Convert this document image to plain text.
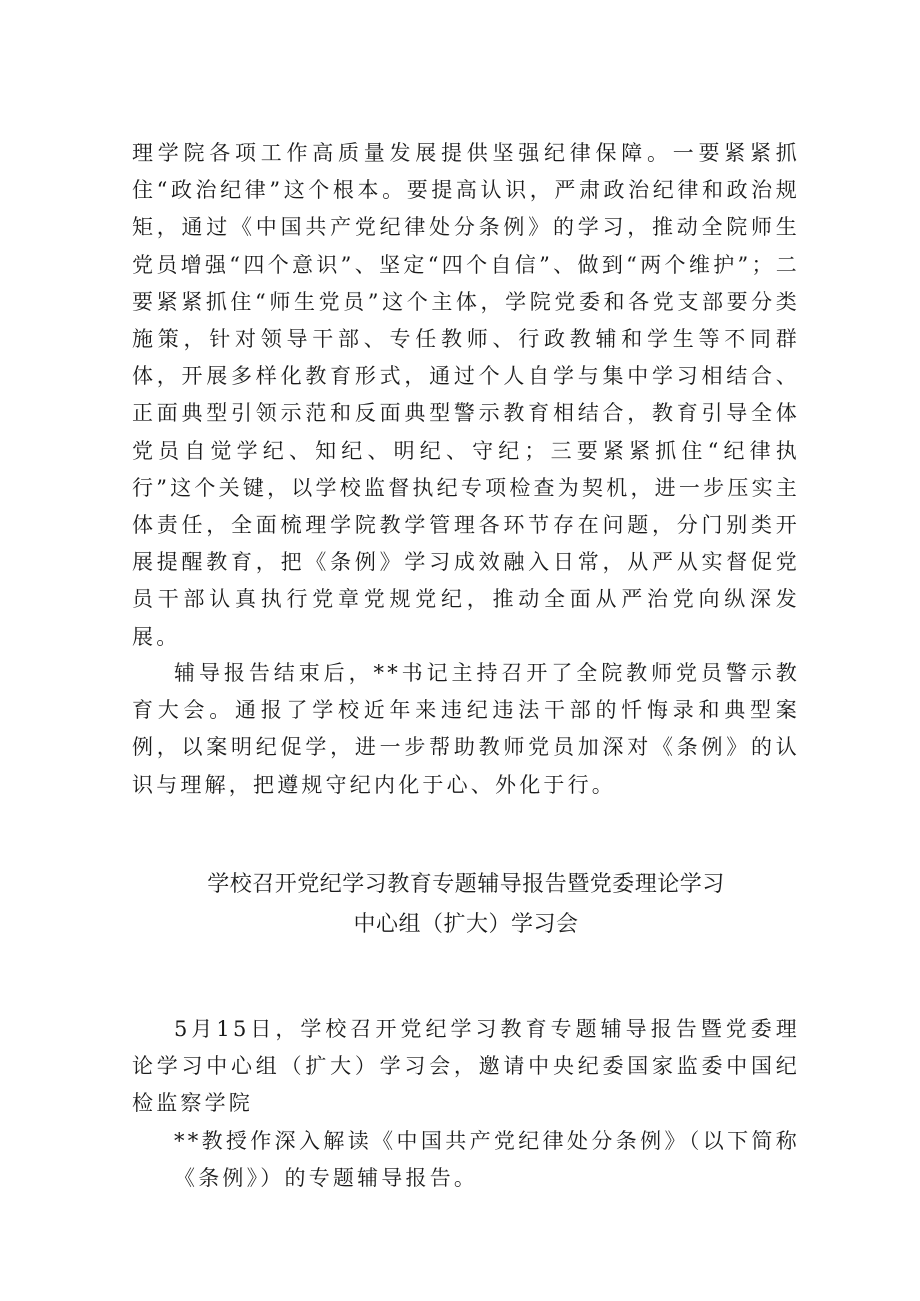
理学院各项工作高质量发展提供坚强纪律保障。一要紧紧抓住“政治纪律”这个根本。要提高认识，严肃政治纪律和政治规矩，通过《中国共产党纪律处分条例》的学习，推动全院师生党员增强“四个意识”、坚定“四个自信”、做到“两个维护”；二要紧紧抓住“师生党员”这个主体，学院党委和各党支部要分类施策，针对领导干部、专任教师、行政教辅和学生等不同群体，开展多样化教育形式，通过个人自学与集中学习相结合、正面典型引领示范和反面典型警示教育相结合，教育引导全体党员自觉学纪、知纪、明纪、守纪；三要紧紧抓住“纪律执行”这个关键，以学校监督执纪专项检查为契机，进一步压实主体责任，全面梳理学院教学管理各环节存在问题，分门别类开展提醒教育，把《条例》学习成效融入日常，从严从实督促党员干部认真执行党章党规党纪，推动全面从严治党向纵深发展。

辅导报告结束后，**书记主持召开了全院教师党员警示教育大会。通报了学校近年来违纪违法干部的忏悔录和典型案例，以案明纪促学，进一步帮助教师党员加深对《条例》的认识与理解，把遵规守纪内化于心、外化于行。

学校召开党纪学习教育专题辅导报告暨党委理论学习
中心组（扩大）学习会

5月15日，学校召开党纪学习教育专题辅导报告暨党委理论学习中心组（扩大）学习会，邀请中央纪委国家监委中国纪检监察学院
**教授作深入解读《中国共产党纪律处分条例》（以下简称《条例》）的专题辅导报告。
